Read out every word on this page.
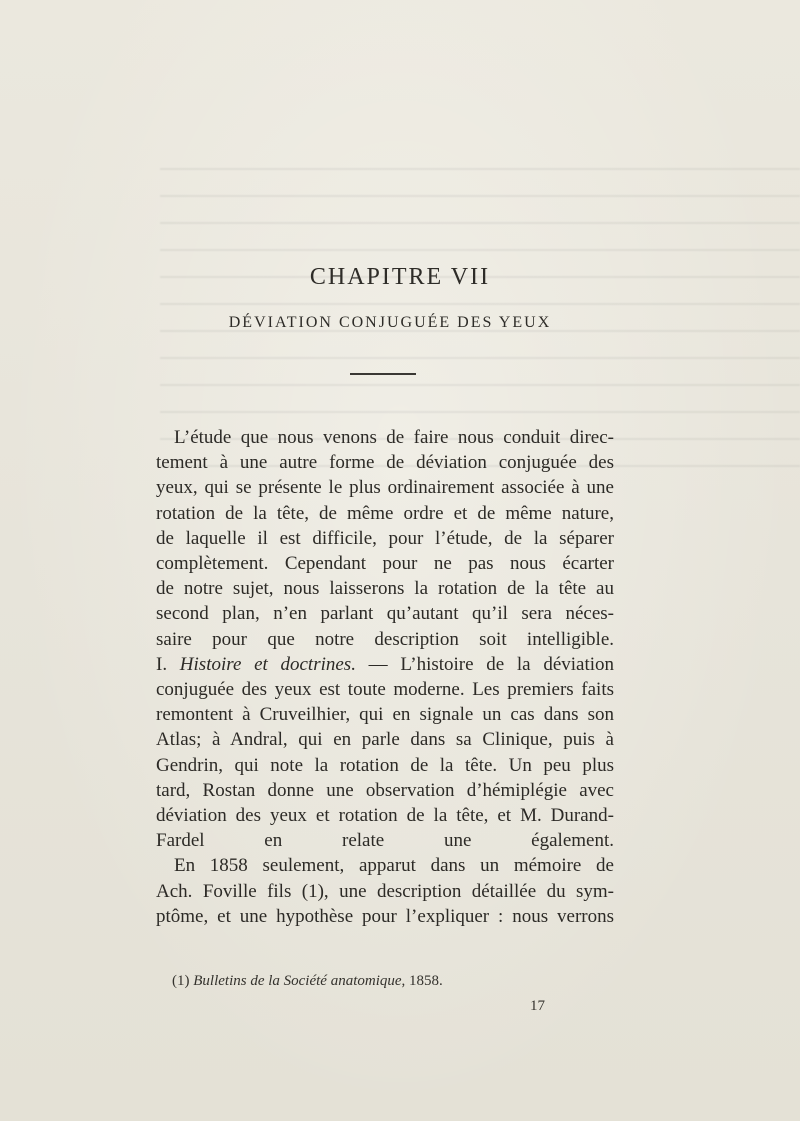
CHAPITRE VII
DÉVIATION CONJUGUÉE DES YEUX

L’étude que nous venons de faire nous conduit direc-
tement à une autre forme de déviation conjuguée des
yeux, qui se présente le plus ordinairement associée à une
rotation de la tête, de même ordre et de même nature,
de laquelle il est difficile, pour l’étude, de la séparer
complètement. Cependant pour ne pas nous écarter
de notre sujet, nous laisserons la rotation de la tête au
second plan, n’en parlant qu’autant qu’il sera néces-
saire pour que notre description soit intelligible.

I. Histoire et doctrines. — L’histoire de la déviation
conjuguée des yeux est toute moderne. Les premiers faits
remontent à Cruveilhier, qui en signale un cas dans son
Atlas; à Andral, qui en parle dans sa Clinique, puis à
Gendrin, qui note la rotation de la tête. Un peu plus
tard, Rostan donne une observation d’hémiplégie avec
déviation des yeux et rotation de la tête, et M. Durand-
Fardel en relate une également.

En 1858 seulement, apparut dans un mémoire de
Ach. Foville fils (1), une description détaillée du sym-
ptôme, et une hypothèse pour l’expliquer : nous verrons

(1) Bulletins de la Société anatomique, 1858.
17
